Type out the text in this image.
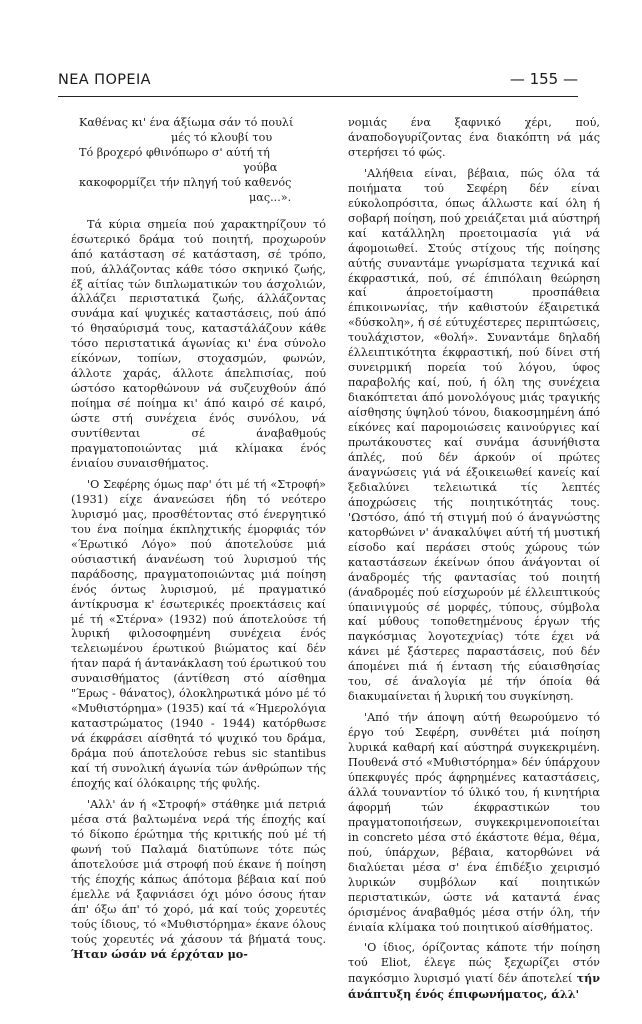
ΝΕΑ ΠΟΡΕΙΑ	— 155 —
Καθένας κι' ένα άξίωμα σάν τό πουλί
μές τό κλουβί του
Τό βροχερό φθινόπωρο σ' αύτή τή
γούβα
κακοφορμίζει τήν πληγή τού καθενός
μας...».

Τά κύρια σημεία πού χαρακτηρίζουν τό έσωτερικό δράμα τού ποιητή, προχωρούν άπό κατάσταση σέ κατάσταση, σέ τρόπο, πού, άλλάζοντας κάθε τόσο σκηνικό ζωής, έξ αίτίας τών διπλωματικών του άσχολιών, άλλάζει περιστατικά ζωής, άλλάζοντας συνάμα καί ψυχικές καταστάσεις, πού άπό τό θησαύρισμά τους, καταστάλάζουν κάθε τόσο περιστατικά άγωνίας κι' ένα σύνολο είκόνων, τοπίων, στοχασμών, φωνών, άλλοτε χαράς, άλλοτε άπελπισίας, πού ώστόσο κατορθώνουν νά συζευχθούν άπό ποίημα σέ ποίημα κι' άπό καιρό σέ καιρό, ώστε στή συνέχεια ένός συνόλου, νά συντίθενται σέ άναβαθμούς πραγματοποιώντας μιά κλίμακα ένός ένιαίου συναισθήματος.

'Ο Σεφέρης όμως παρ' ότι μέ τή «Στροφή» (1931) είχε άνανεώσει ήδη τό νεότερο λυρισμό μας, προσθέτοντας στό ένεργητικό του ένα ποίημα έκπληχτικής έμορφιάς τόν «Έρωτικό Λόγο» πού άποτελούσε μιά ούσιαστική άνανέωση τού λυρισμού τής παράδοσης, πραγματοποιώντας μιά ποίηση ένός όντως λυρισμού, μέ πραγματικό άντίκρυσμα κ' έσωτερικές προεκτάσεις καί μέ τή «Στέρνα» (1932) πού άποτελούσε τή λυρική φιλοσοφημένη συνέχεια ένός τελειωμένου έρωτικού βιώματος καί δέν ήταν παρά ή άντανάκλαση τού έρωτικού του συναισθήματος (άντίθεση στό αίσθημα "Έρως - θάνατος), όλοκληρωτικά μόνο μέ τό «Μυθιστόρημα» (1935) καί τά «Ήμερολόγια καταστρώματος (1940 - 1944) κατόρθωσε νά έκφράσει αίσθητά τό ψυχικό του δράμα, δράμα πού άποτελούσε rebus sic stantibus καί τή συνολική άγωνία τών άνθρώπων τής έποχής καί όλόκαιρης τής φυλής.

'Αλλ' άν ή «Στροφή» στάθηκε μιά πετριά μέσα στά βαλτωμένα νερά τής έποχής καί τό δίκοπο έρώτημα τής κριτικής πού μέ τή φωνή τού Παλαμά διατύπωνε τότε πώς άποτελούσε μιά στροφή πού έκανε ή ποίηση τής έποχής κάπως άπότομα βέβαια καί πού έμελλε νά ξαφνιάσει όχι μόνο όσους ήταν άπ' όξω άπ' τό χορό, μά καί τούς χορευτές τούς ίδιους, τό «Μυθιστόρημα» έκανε όλους τούς χορευτές νά χάσουν τά βήματά τους. Ήταν ώσάν νά έρχόταν μο-

νομιάς ένα ξαφνικό χέρι, πού, άναποδογυρίζοντας ένα διακόπτη νά μάς στερήσει τό φώς.

'Αλήθεια είναι, βέβαια, πώς όλα τά ποιήματα τού Σεφέρη δέν είναι εύκολοπρόσιτα, όπως άλλωστε καί όλη ή σοβαρή ποίηση, πού χρειάζεται μιά αύστηρή καί κατάλληλη προετοιμασία γιά νά άφομοιωθεί. Στούς στίχους τής ποίησης αύτής συναντάμε γνωρίσματα τεχνικά καί έκφραστικά, πού, σέ έπιπόλαιη θεώρηση καί άπροετοίμαστη προσπάθεια έπικοινωνίας, τήν καθιστούν έξαιρετικά «δύσκολη», ή σέ εύτυχέστερες περιπτώσεις, τουλάχιστον, «θολή». Συναντάμε δηλαδή έλλειπτικότητα έκφραστική, πού δίνει στή συνειρμική πορεία τού λόγου, ύφος παραβολής καί, πού, ή όλη της συνέχεια διακόπτεται άπό μονολόγους μιάς τραγικής αίσθησης ύψηλού τόνου, διακοσμημένη άπό είκόνες καί παρομοιώσεις καινούργιες καί πρωτάκουστες καί συνάμα άσυνήθιστα άπλές, πού δέν άρκούν οί πρώτες άναγνώσεις γιά νά έξοικειωθεί κανείς καί ξεδιαλύνει τελειωτικά τίς λεπτές άποχρώσεις τής ποιητικότητάς τους. 'Ωστόσο, άπό τή στιγμή πού ό άναγνώστης κατορθώνει ν' άνακαλύψει αύτή τή μυστική είσοδο καί περάσει στούς χώρους τών καταστάσεων έκείνων όπου άνάγονται οί άναδρομές τής φαντασίας τού ποιητή (άναδρομές πού είσχωρούν μέ έλλειπτικούς ύπαινιγμούς σέ μορφές, τύπους, σύμβολα καί μύθους τοποθετημένους έργων τής παγκόσμιας λογοτεχνίας) τότε έχει νά κάνει μέ ξάστερες παραστάσεις, πού δέν άπομένει πιά ή ένταση τής εύαισθησίας του, σέ άναλογία μέ τήν όποία θά διακυμαίνεται ή λυρική του συγκίνηση.

'Από τήν άποψη αύτή θεωρούμενο τό έργο τού Σεφέρη, συνθέτει μιά ποίηση λυρικά καθαρή καί αύστηρά συγκεκριμένη. Πουθενά στό «Μυθιστόρημα» δέν ύπάρχουν ύπεκφυγές πρός άφηρημένες καταστάσεις, άλλά τουναντίον τό ύλικό του, ή κινητήρια άφορμή τών έκφραστικών του πραγματοποιήσεων, συγκεκριμενοποιείται in concreto μέσα στό έκάστοτε θέμα, θέμα, πού, ύπάρχων, βέβαια, κατορθώνει νά διαλύεται μέσα σ' ένα έπιδέξιο χειρισμό λυρικών συμβόλων καί ποιητικών περιστατικών, ώστε νά καταντά ένας όρισμένος άναβαθμός μέσα στήν όλη, τήν ένιαία κλίμακα τού ποιητικού αίσθήματος.

'Ο ίδιος, όρίζοντας κάποτε τήν ποίηση τού Eliot, έλεγε πώς ξεχωρίζει στόν παγκόσμιο λυρισμό γιατί δέν άποτελεί τήν άνάπτυξη ένός έπιφωνήματος, άλλ'
